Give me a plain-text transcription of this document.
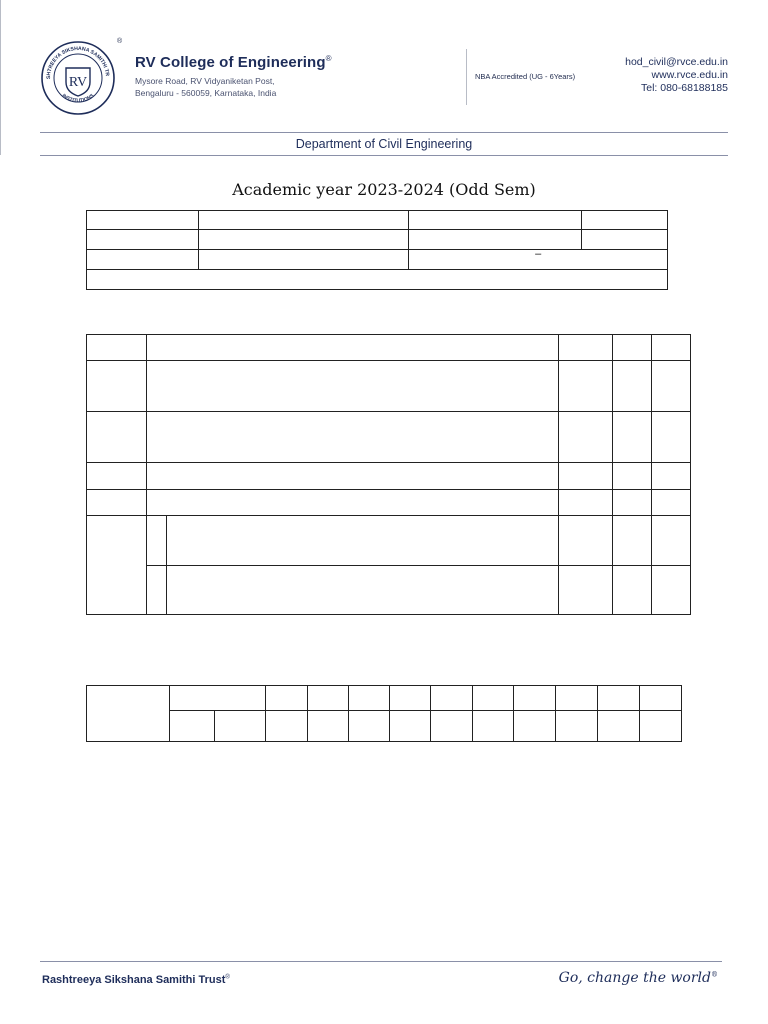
SHTREEYA SIKSHANA SAMITHI TR
INSTITUTIONS
RV
®
RV College of Engineering®
Mysore Road, RV Vidyaniketan Post,
Bengaluru - 560059, Karnataka, India
NBA Accredited (UG - 6Years)
hod_civil@rvce.edu.in
www.rvce.edu.in
Tel: 080-68188185
Department of Civil Engineering
Academic year 2023-2024 (Odd Sem)

		–	

Rashtreeya Sikshana Samithi Trust®	Go, change the world®
